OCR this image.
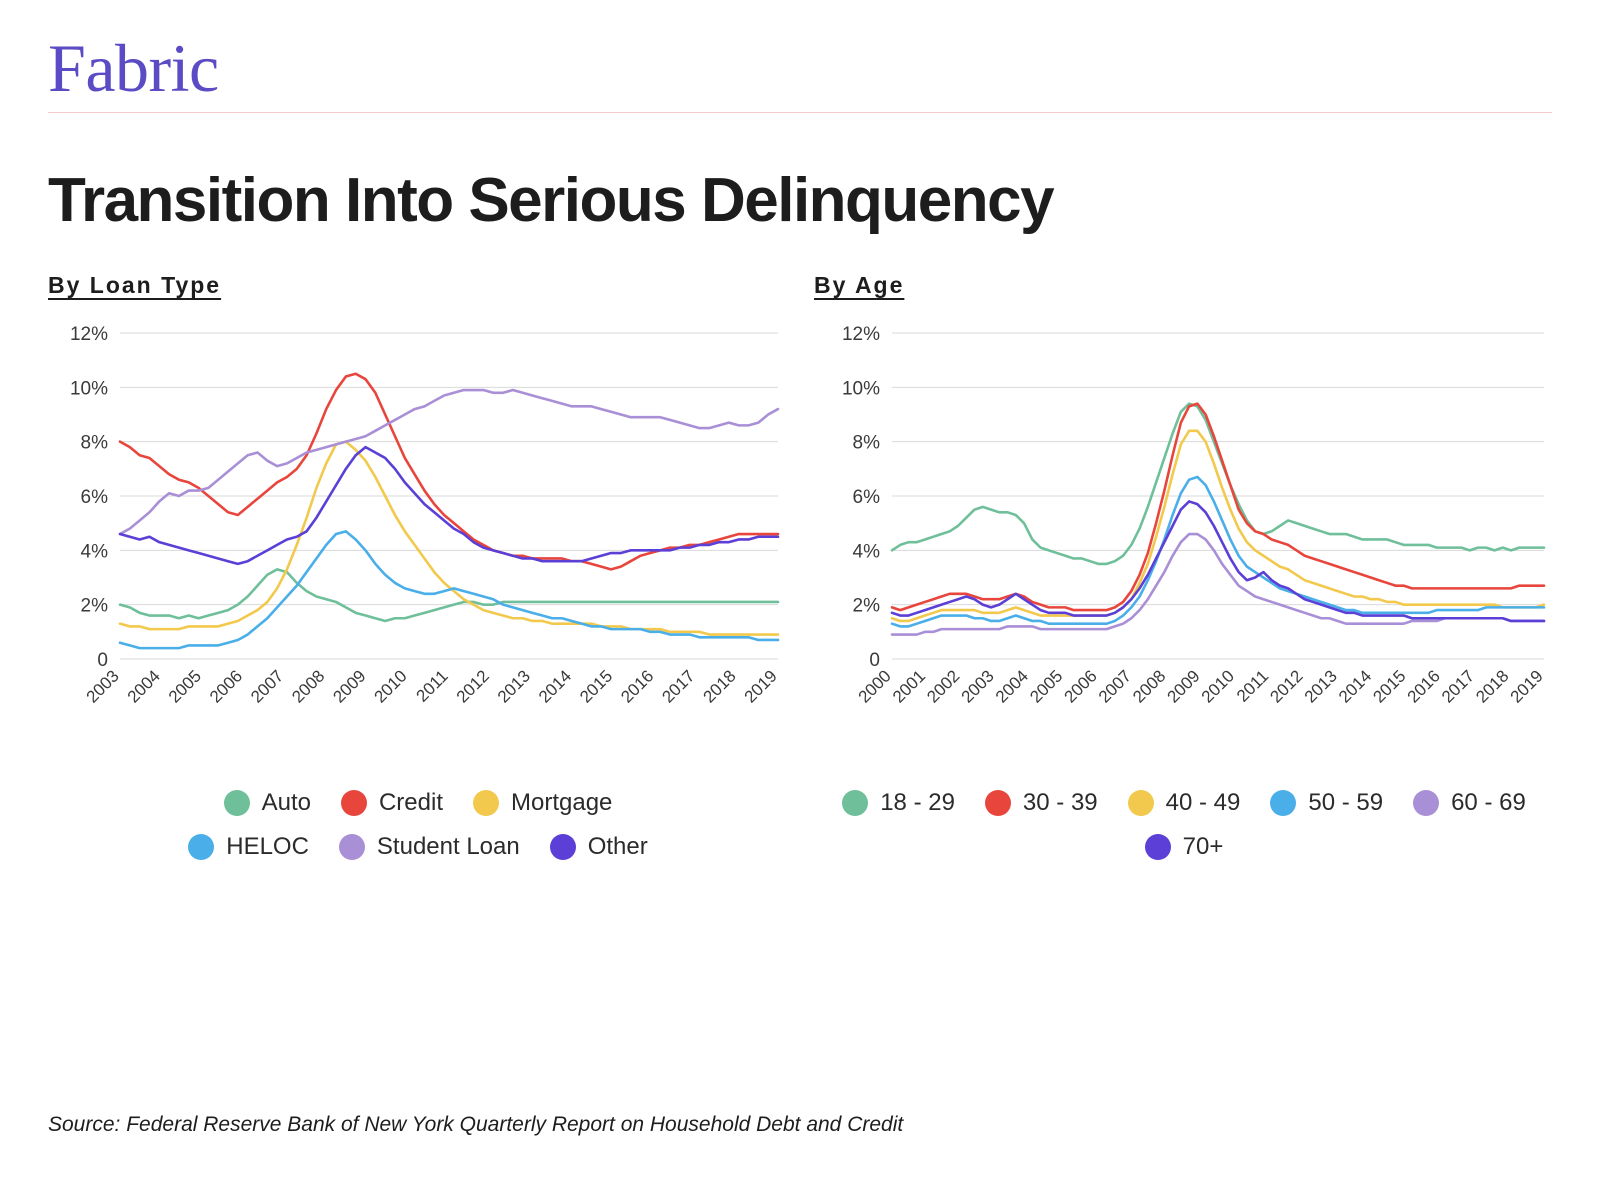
Fabric
Transition Into Serious Delinquency
By Loan Type
0
2%
4%
6%
8%
10%
12%
2003 2004 2005 2006 2007 2008 2009 2010 2011 2012 2013 2014 2015 2016 2017 2018 2019
Auto	Credit	Mortgage
HELOC	Student Loan	Other
By Age
0
2%
4%
6%
8%
10%
12%
2000
2001
2002
2003
2004
2005
2006
2007
2008
2009
2010
2011
2012
2013
2014
2015
2016
2017
2018
2019
18 - 29	30 - 39	40 - 49	50 - 59	60 - 69
70+
Source: Federal Reserve Bank of New York Quarterly Report on Household Debt and Credit
